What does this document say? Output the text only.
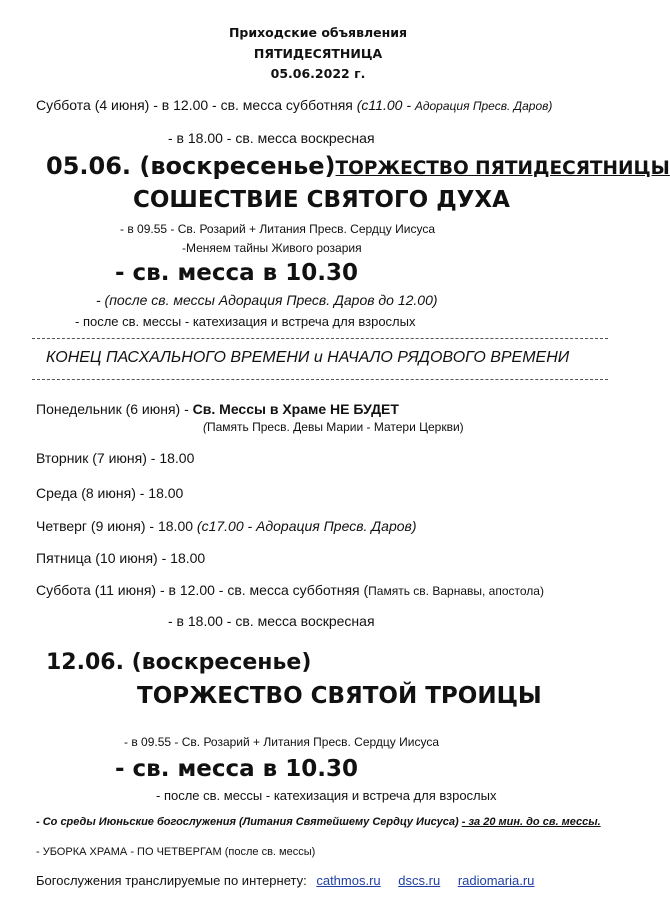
Приходские объявления
ПЯТИДЕСЯТНИЦА
05.06.2022 г.
Суббота (4 июня) - в 12.00 - св. месса субботняя (с11.00 - Адорация Пресв. Даров)
- в 18.00 - св. месса воскресная
05.06. (воскресенье)ТОРЖЕСТВО ПЯТИДЕСЯТНИЦЫ
СОШЕСТВИЕ СВЯТОГО ДУХА
- в 09.55 - Св. Розарий + Литания Пресв. Сердцу Иисуса
-Меняем тайны Живого розария
- св. месса в 10.30
- (после св. мессы Адорация Пресв. Даров до 12.00)
- после св. мессы - катехизация и встреча для взрослых
КОНЕЦ ПАСХАЛЬНОГО ВРЕМЕНИ и НАЧАЛО РЯДОВОГО ВРЕМЕНИ
Понедельник (6 июня) - Св. Мессы в Храме НЕ БУДЕТ
(Память Пресв. Девы Марии - Матери Церкви)
Вторник (7 июня) - 18.00
Среда (8 июня) - 18.00
Четверг (9 июня) - 18.00 (с17.00 - Адорация Пресв. Даров)
Пятница (10 июня) - 18.00
Суббота (11 июня) - в 12.00 - св. месса субботняя (Память св. Варнавы, апостола)
- в 18.00 - св. месса воскресная
12.06. (воскресенье)
ТОРЖЕСТВО СВЯТОЙ ТРОИЦЫ
- в 09.55 - Св. Розарий + Литания Пресв. Сердцу Иисуса
- св. месса в 10.30
- после св. мессы - катехизация и встреча для взрослых
- Со среды Июньские богослужения (Литания Святейшему Сердцу Иисуса) - за 20 мин. до св. мессы.
- УБОРКА ХРАМА - ПО ЧЕТВЕРГАМ (после св. мессы)
Богослужения транслируемые по интернету: cathmos.ru dscs.ru radiomaria.ru
